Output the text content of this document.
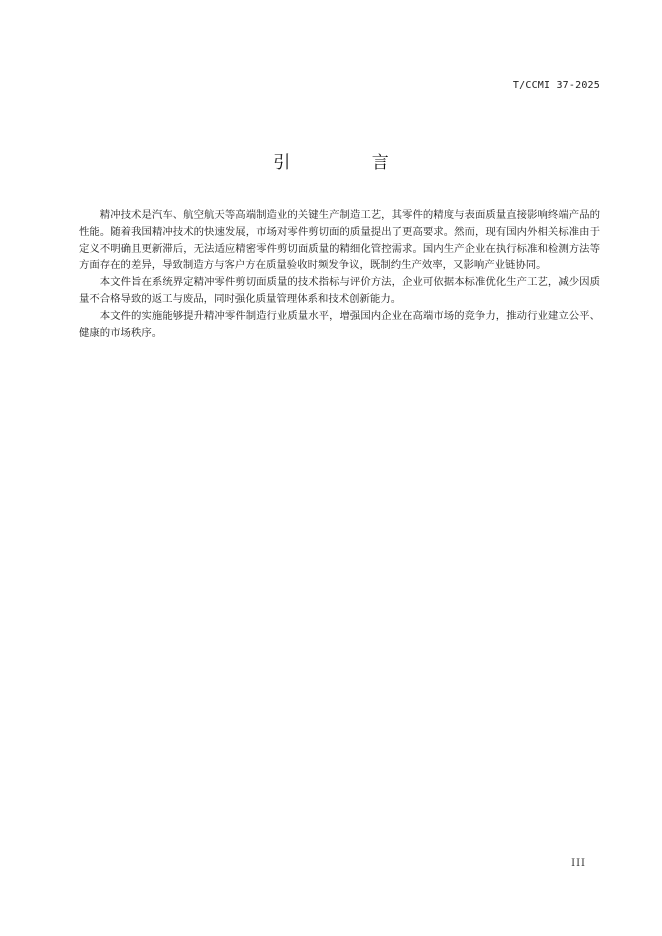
T/CCMI 37-2025
引 言

精冲技术是汽车、航空航天等高端制造业的关键生产制造工艺，其零件的精度与表面质量直接影响终端产品的性能。随着我国精冲技术的快速发展，市场对零件剪切面的质量提出了更高要求。然而，现有国内外相关标准由于定义不明确且更新滞后，无法适应精密零件剪切面质量的精细化管控需求。国内生产企业在执行标准和检测方法等方面存在的差异，导致制造方与客户方在质量验收时频发争议，既制约生产效率，又影响产业链协同。

本文件旨在系统界定精冲零件剪切面质量的技术指标与评价方法，企业可依据本标准优化生产工艺，减少因质量不合格导致的返工与废品，同时强化质量管理体系和技术创新能力。

本文件的实施能够提升精冲零件制造行业质量水平，增强国内企业在高端市场的竞争力，推动行业建立公平、健康的市场秩序。

III
